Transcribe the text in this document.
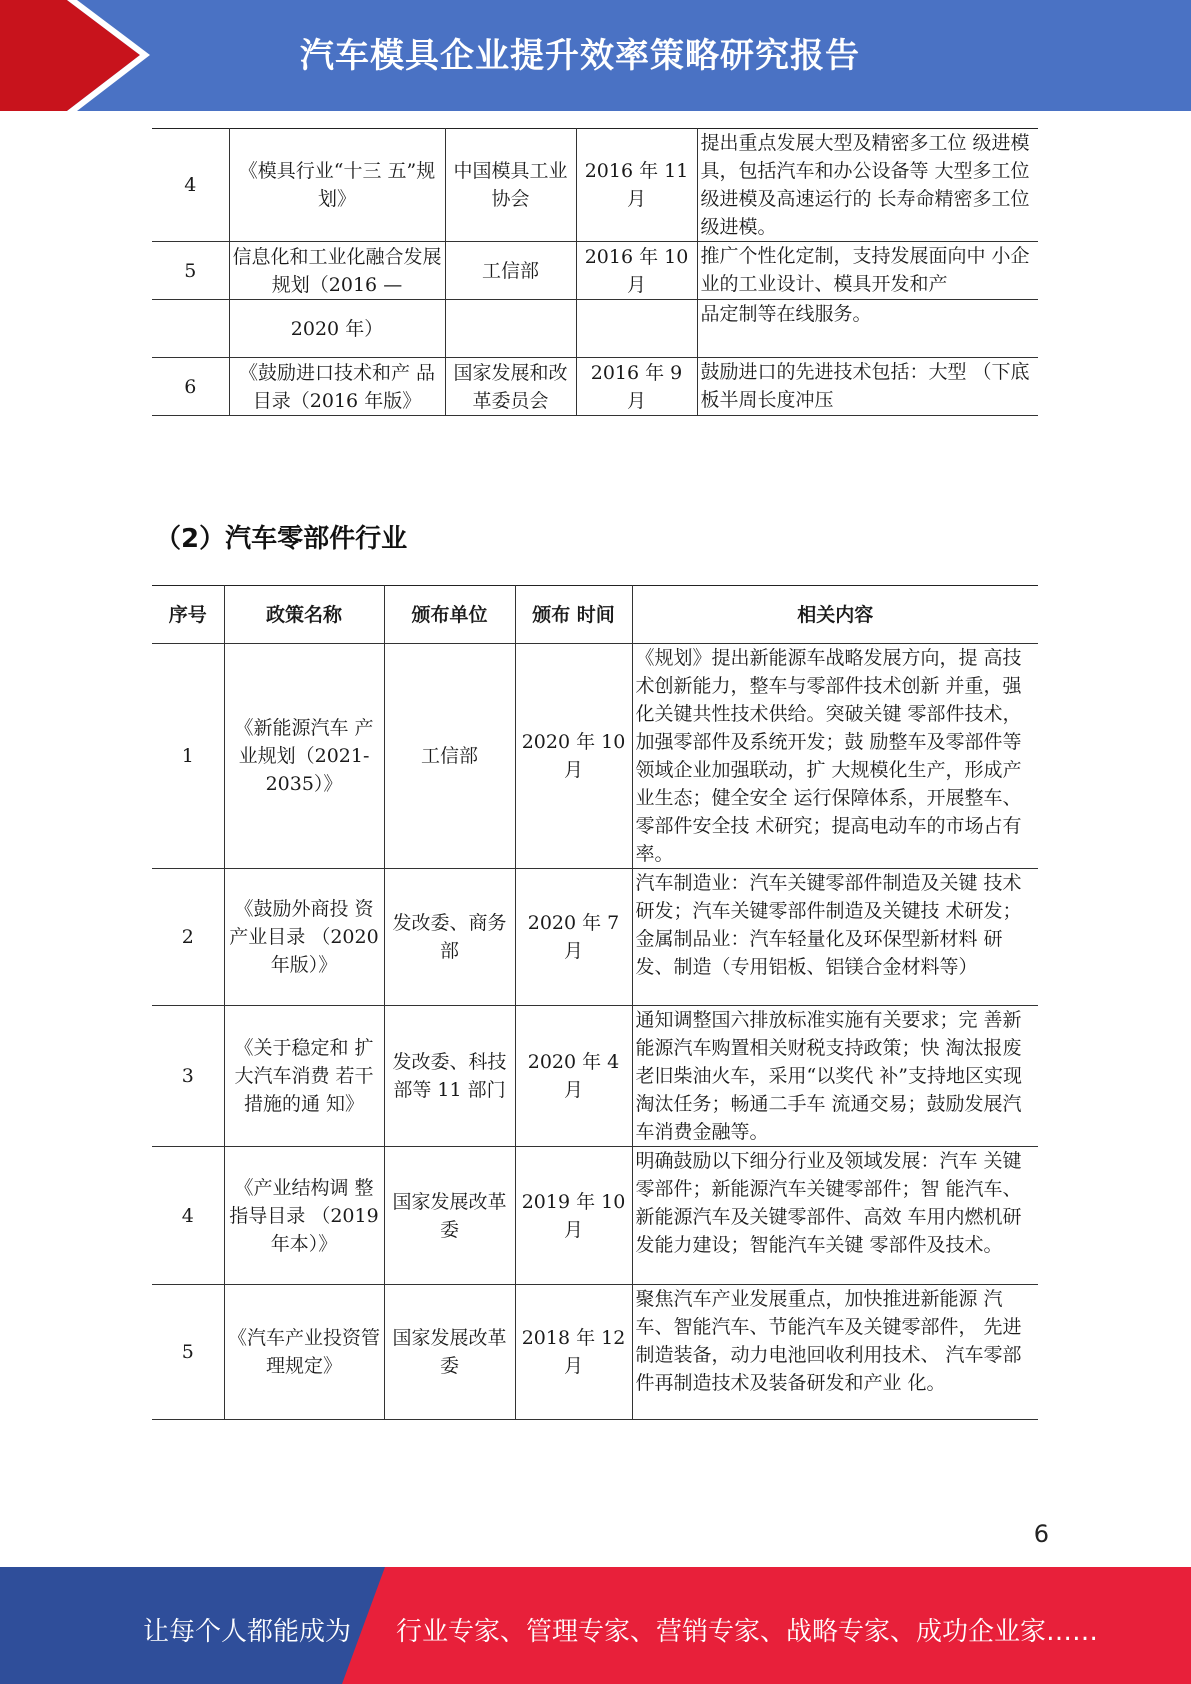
汽车模具企业提升效率策略研究报告
4	《模具行业“十三 五”规划》	中国模具工业协会	2016 年 11 月	提出重点发展大型及精密多工位 级进模具，包括汽车和办公设备等 大型多工位级进模及高速运行的 长寿命精密多工位级进模。
5	信息化和工业化融合发展规划（2016 —	工信部	2016 年 10 月	推广个性化定制，支持发展面向中 小企业的工业设计、模具开发和产
	2020 年）			品定制等在线服务。
6	《鼓励进口技术和产 品目录（2016 年版》	国家发展和改革委员会	2016 年 9 月	鼓励进口的先进技术包括：大型 （下底板半周长度冲压
（2）汽车零部件行业
序号	政策名称	颁布单位	颁布 时间	相关内容
1	《新能源汽车 产业规划（2021-2035）》	工信部	2020 年 10 月	《规划》提出新能源车战略发展方向，提 高技术创新能力，整车与零部件技术创新 并重，强化关键共性技术供给。突破关键 零部件技术，加强零部件及系统开发；鼓 励整车及零部件等领域企业加强联动，扩 大规模化生产，形成产业生态；健全安全 运行保障体系，开展整车、零部件安全技 术研究；提高电动车的市场占有率。
2	《鼓励外商投 资产业目录 （2020 年版）》	发改委、商务部	2020 年 7 月	汽车制造业：汽车关键零部件制造及关键 技术研发；汽车关键零部件制造及关键技 术研发；金属制品业：汽车轻量化及环保型新材料 研发、制造（专用铝板、铝镁合金材料等）
3	《关于稳定和 扩大汽车消费 若干措施的通 知》	发改委、科技部等 11 部门	2020 年 4 月	通知调整国六排放标准实施有关要求；完 善新能源汽车购置相关财税支持政策；快 淘汰报废老旧柴油火车，采用“以奖代 补”支持地区实现淘汰任务；畅通二手车 流通交易；鼓励发展汽车消费金融等。
4	《产业结构调 整指导目录 （2019 年本）》	国家发展改革委	2019 年 10 月	明确鼓励以下细分行业及领域发展：汽车 关键零部件；新能源汽车关键零部件；智 能汽车、新能源汽车及关键零部件、高效 车用内燃机研发能力建设；智能汽车关键 零部件及技术。
5	《汽车产业投资管理规定》	国家发展改革委	2018 年 12 月	聚焦汽车产业发展重点，加快推进新能源 汽车、智能汽车、节能汽车及关键零部件， 先进制造装备，动力电池回收利用技术、 汽车零部件再制造技术及装备研发和产业 化。
6
让每个人都能成为 行业专家、管理专家、营销专家、战略专家、成功企业家……
